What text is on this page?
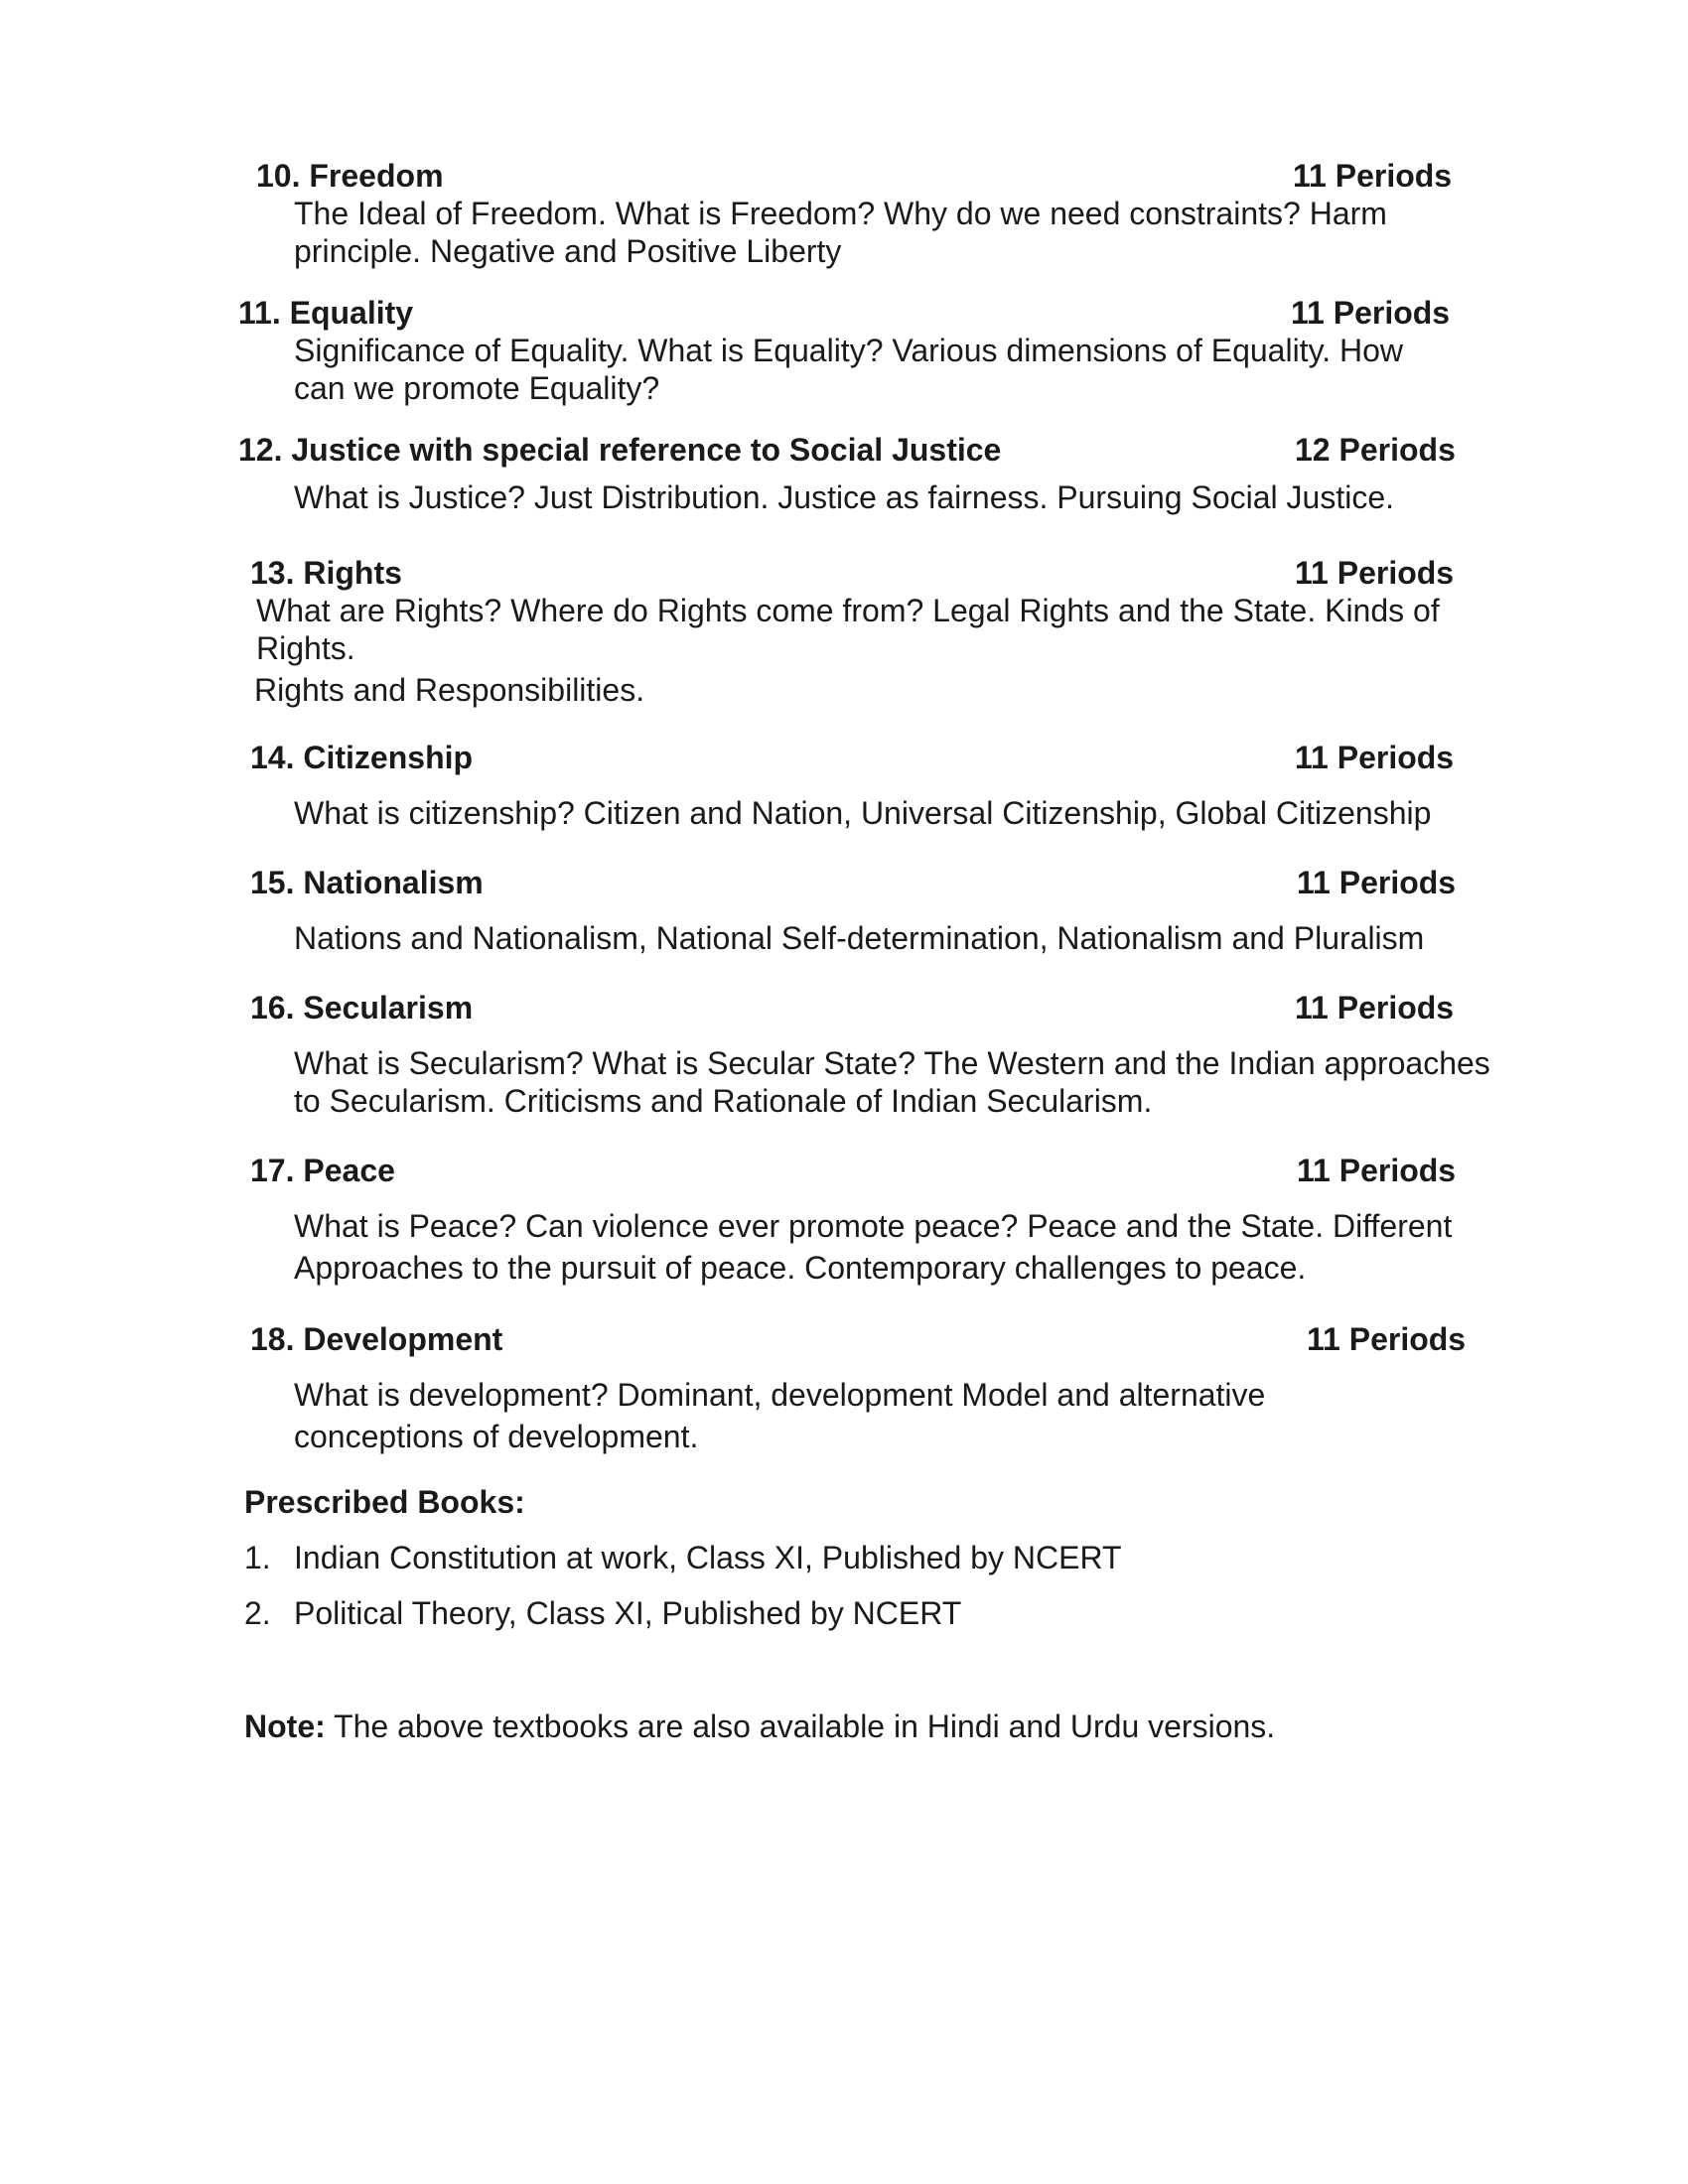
10. Freedom	11 Periods
The Ideal of Freedom. What is Freedom? Why do we need constraints? Harm
principle. Negative and Positive Liberty
11. Equality	11 Periods
Significance of Equality. What is Equality? Various dimensions of Equality. How
can we promote Equality?
12. Justice with special reference to Social Justice	12 Periods
What is Justice? Just Distribution. Justice as fairness. Pursuing Social Justice.
13. Rights	11 Periods
What are Rights? Where do Rights come from? Legal Rights and the State. Kinds of
Rights.
Rights and Responsibilities.
14. Citizenship	11 Periods
What is citizenship? Citizen and Nation, Universal Citizenship, Global Citizenship
15. Nationalism	11 Periods
Nations and Nationalism, National Self-determination, Nationalism and Pluralism
16. Secularism	11 Periods
What is Secularism? What is Secular State? The Western and the Indian approaches
to Secularism. Criticisms and Rationale of Indian Secularism.
17. Peace	11 Periods
What is Peace? Can violence ever promote peace? Peace and the State. Different
Approaches to the pursuit of peace. Contemporary challenges to peace.
18. Development	11 Periods
What is development? Dominant, development Model and alternative
conceptions of development.
Prescribed Books:
1. Indian Constitution at work, Class XI, Published by NCERT
2. Political Theory, Class XI, Published by NCERT
Note: The above textbooks are also available in Hindi and Urdu versions.
